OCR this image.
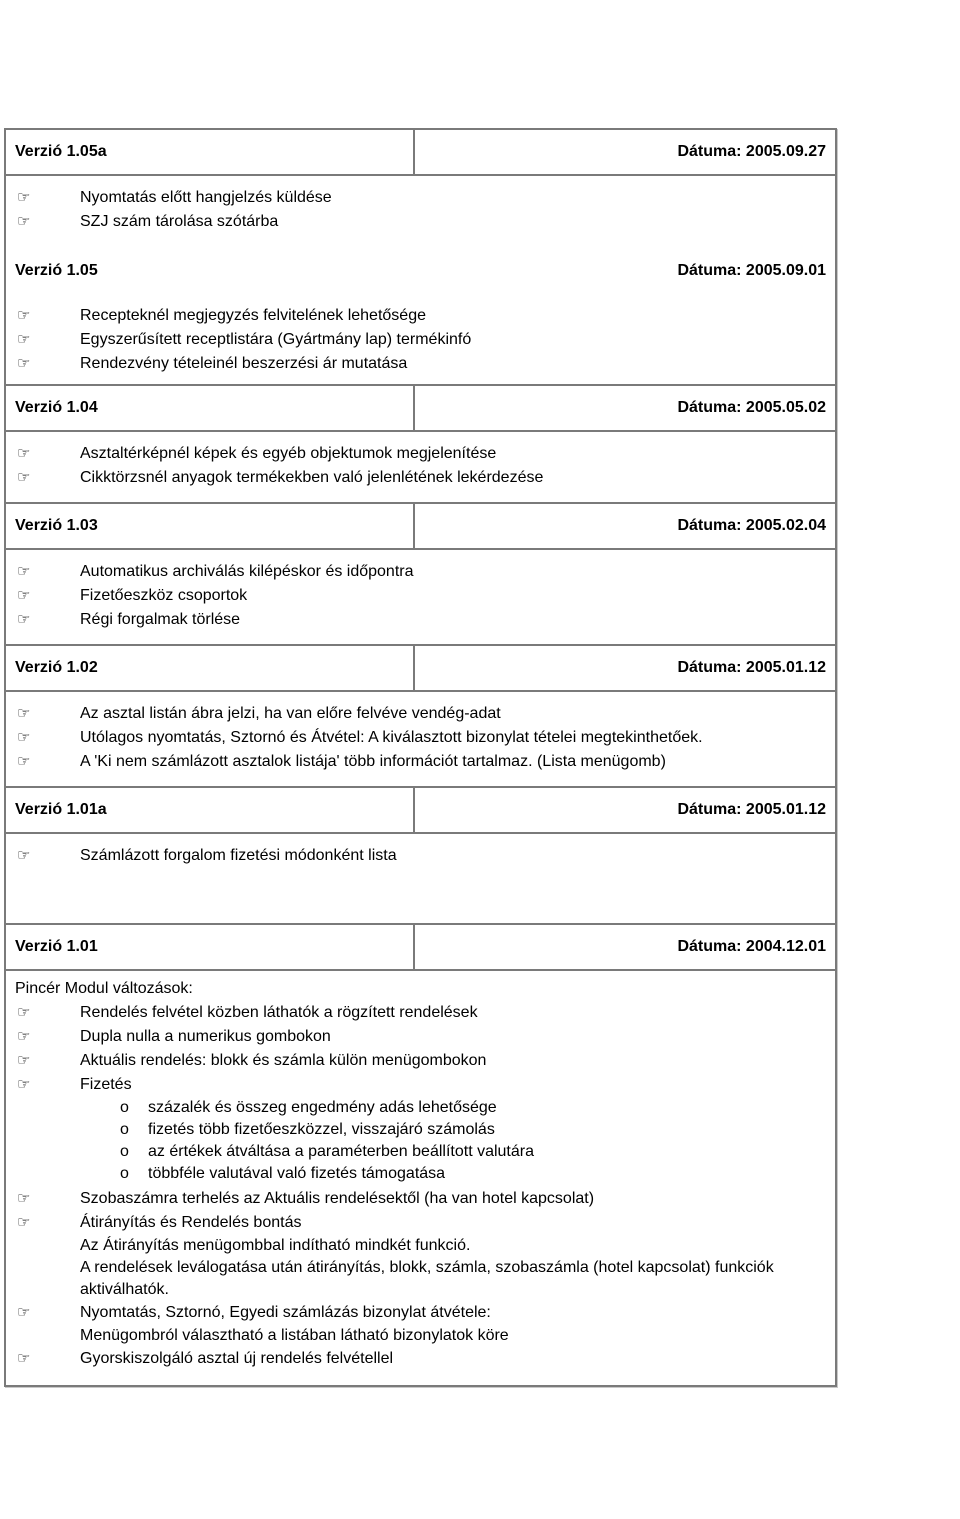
Verzió 1.05a	Dátuma: 2005.09.27
☞	Nyomtatás előtt hangjelzés küldése
☞	SZJ szám tárolása szótárba
Verzió 1.05	Dátuma: 2005.09.01
☞	Recepteknél megjegyzés felvitelének lehetősége
☞	Egyszerűsített receptlistára (Gyártmány lap) termékinfó
☞	Rendezvény tételeinél beszerzési ár mutatása
Verzió 1.04	Dátuma: 2005.05.02
☞	Asztaltérképnél képek és egyéb objektumok megjelenítése
☞	Cikktörzsnél anyagok termékekben való jelenlétének lekérdezése
Verzió 1.03	Dátuma: 2005.02.04
☞	Automatikus archiválás kilépéskor és időpontra
☞	Fizetőeszköz csoportok
☞	Régi forgalmak törlése
Verzió 1.02	Dátuma: 2005.01.12
☞	Az asztal listán ábra jelzi, ha van előre felvéve vendég-adat
☞	Utólagos nyomtatás, Sztornó és Átvétel: A kiválasztott bizonylat tételei megtekinthetőek.
☞	A 'Ki nem számlázott asztalok listája' több információt tartalmaz. (Lista menügomb)
Verzió 1.01a	Dátuma: 2005.01.12
☞	Számlázott forgalom fizetési módonként lista
Verzió 1.01	Dátuma: 2004.12.01
Pincér Modul változások:
☞	Rendelés felvétel közben láthatók a rögzített rendelések
☞	Dupla nulla a numerikus gombokon
☞	Aktuális rendelés: blokk és számla külön menügombokon
☞	Fizetés
o	százalék és összeg engedmény adás lehetősége
o	fizetés több fizetőeszközzel, visszajáró számolás
o	az értékek átváltása a paraméterben beállított valutára
o	többféle valutával való fizetés támogatása
☞	Szobaszámra terhelés az Aktuális rendelésektől (ha van hotel kapcsolat)
☞	Átirányítás és Rendelés bontás
Az Átirányítás menügombbal indítható mindkét funkció.
A rendelések leválogatása után átirányítás, blokk, számla, szobaszámla (hotel kapcsolat) funkciók
aktiválhatók.
☞	Nyomtatás, Sztornó, Egyedi számlázás bizonylat átvétele:
Menügombról választható a listában látható bizonylatok köre
☞	Gyorskiszolgáló asztal új rendelés felvétellel
